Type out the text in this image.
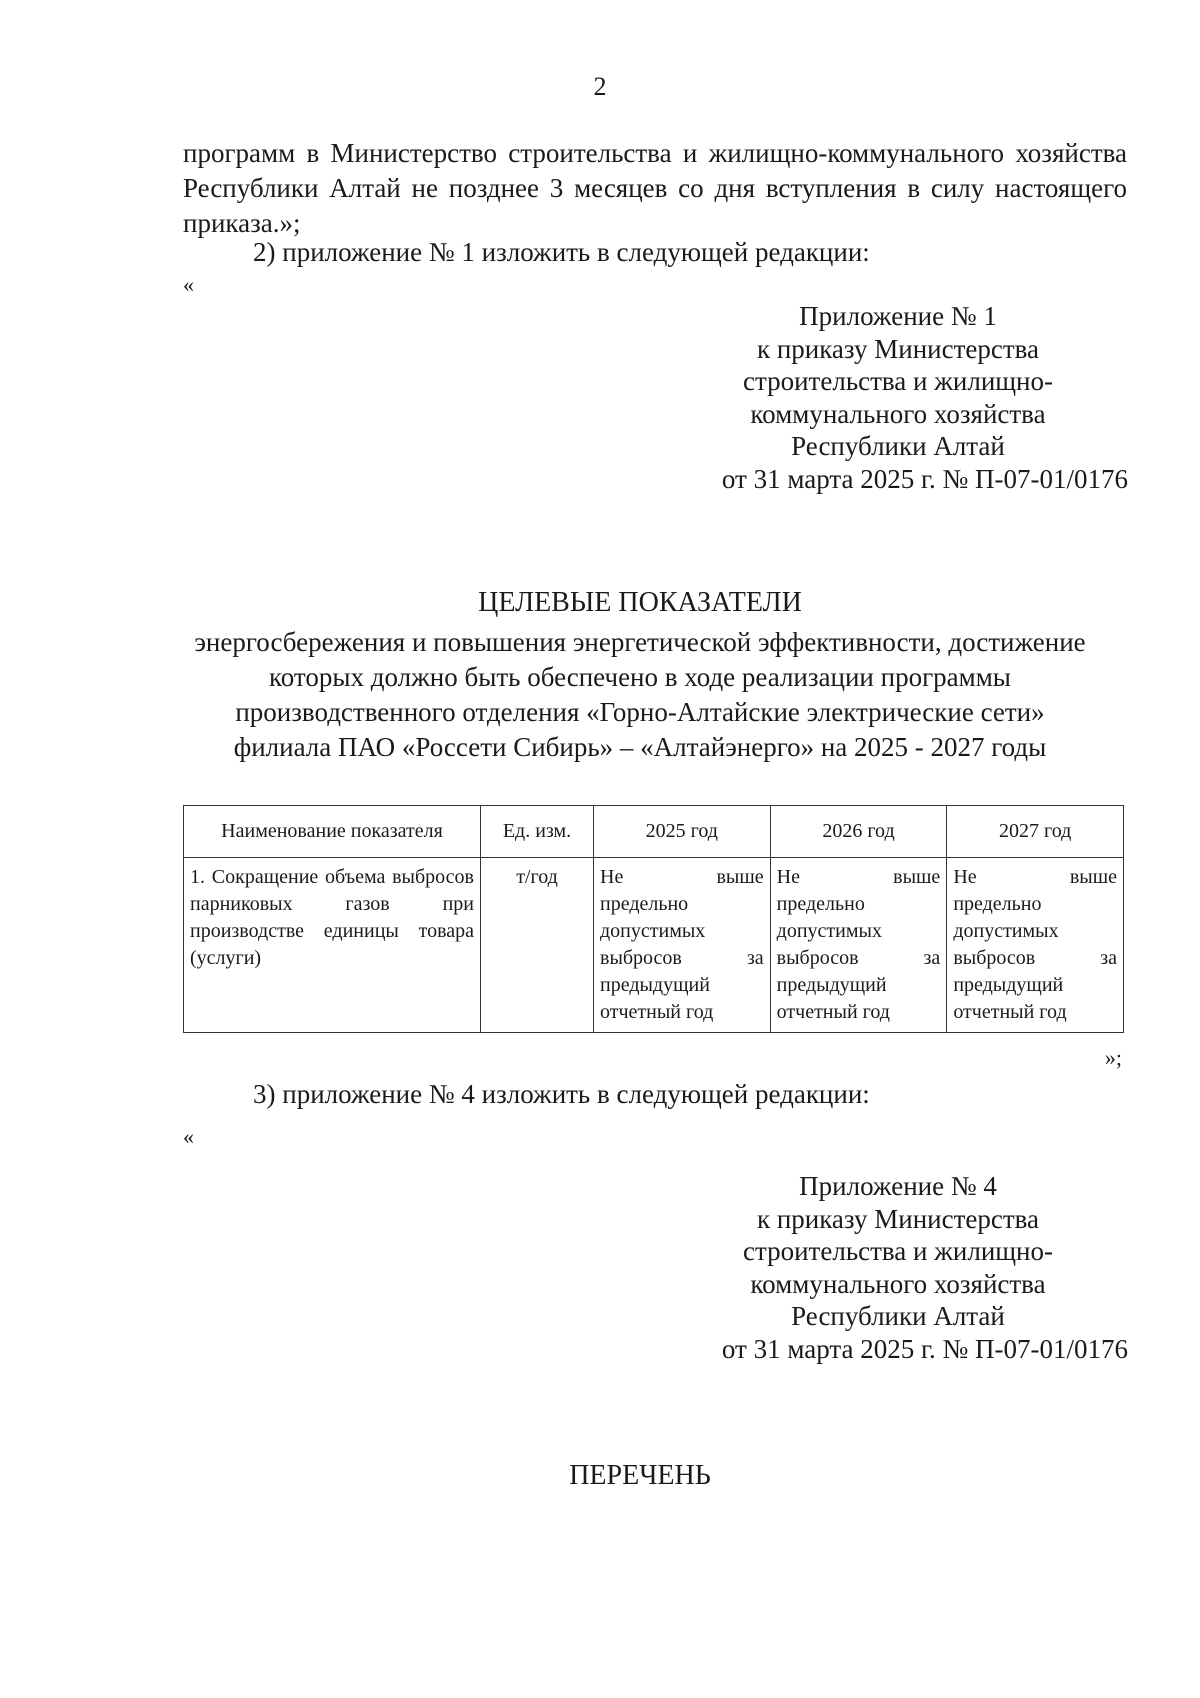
2
программ в Министерство строительства и жилищно-коммунального хозяйства Республики Алтай не позднее 3 месяцев со дня вступления в силу настоящего приказа.»;
2) приложение № 1 изложить в следующей редакции:
«
Приложение № 1
к приказу Министерства
строительства и жилищно-
коммунального хозяйства
Республики Алтай
от 31 марта 2025 г. № П-07-01/0176
ЦЕЛЕВЫЕ ПОКАЗАТЕЛИ
энергосбережения и повышения энергетической эффективности, достижение
которых должно быть обеспечено в ходе реализации программы
производственного отделения «Горно-Алтайские электрические сети»
филиала ПАО «Россети Сибирь» – «Алтайэнерго» на 2025 - 2027 годы
Наименование показателя	Ед. изм.	2025 год	2026 год	2027 год
1. Сокращение объема выбросов парниковых газов при производстве единицы товара (услуги)	т/год	Не выше предельно допустимых выбросов за предыдущий отчетный год	Не выше предельно допустимых выбросов за предыдущий отчетный год	Не выше предельно допустимых выбросов за предыдущий отчетный год
»;
3) приложение № 4 изложить в следующей редакции:
«
Приложение № 4
к приказу Министерства
строительства и жилищно-
коммунального хозяйства
Республики Алтай
от 31 марта 2025 г. № П-07-01/0176
ПЕРЕЧЕНЬ
